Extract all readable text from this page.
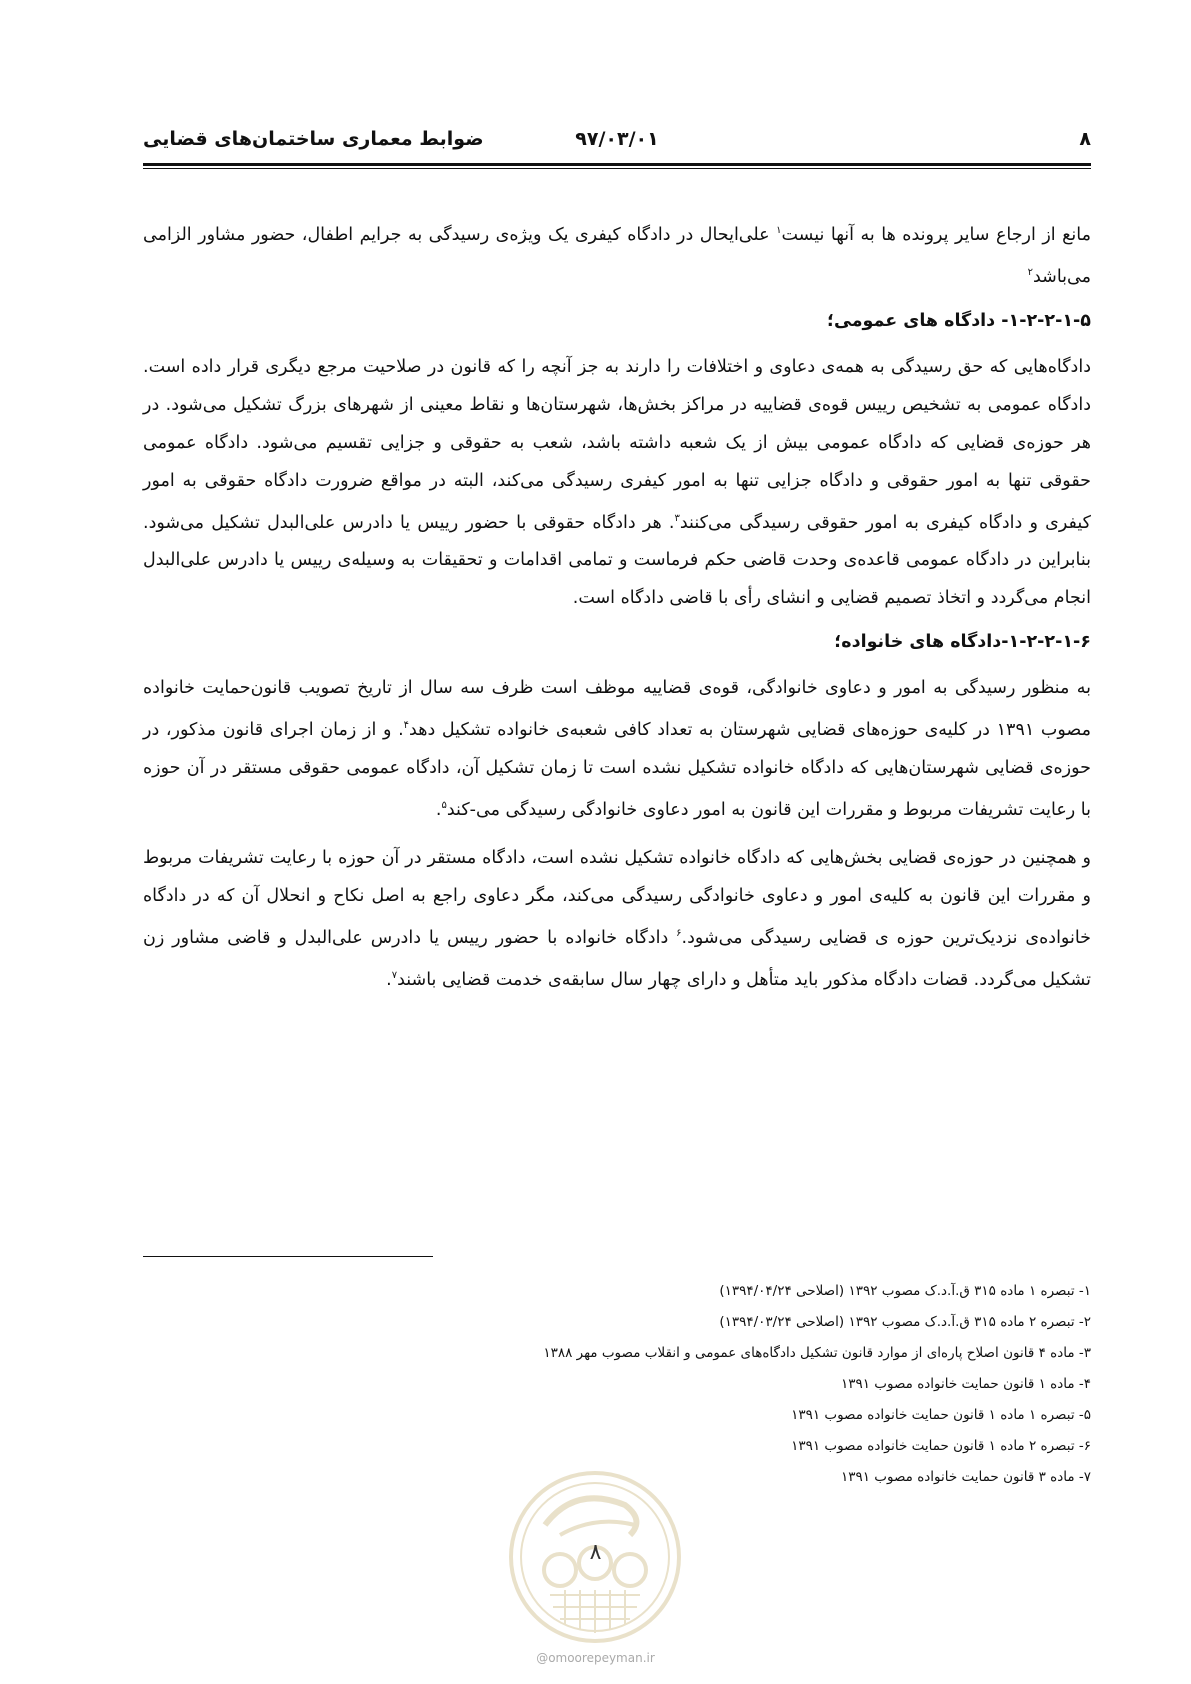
۸
۹۷/۰۳/۰۱
ضوابط معماری ساختمان‌های قضایی

مانع از ارجاع سایر پرونده ها به آنها نیست$^۱$ علی‌ایحال در دادگاه کیفری یک ویژه‌ی رسیدگی به جرایم اطفال، حضور مشاور الزامی می‌باشد$^۲$

۱-۲-۲-۱-۵- دادگاه های عمومی؛

دادگاه‌هایی که حق رسیدگی به همه‌ی دعاوی و اختلافات را دارند به جز آنچه را که قانون در صلاحیت مرجع دیگری قرار داده است. دادگاه عمومی به تشخیص رییس قوه‌ی قضاییه در مراکز بخش‌ها، شهرستان‌ها و نقاط معینی از شهرهای بزرگ تشکیل می‌شود. در هر حوزه‌ی قضایی که دادگاه عمومی بیش از یک شعبه داشته باشد، شعب به حقوقی و جزایی تقسیم می‌شود. دادگاه عمومی حقوقی تنها به امور حقوقی و دادگاه جزایی تنها به امور کیفری رسیدگی می‌کند، البته در مواقع ضرورت دادگاه حقوقی به امور کیفری و دادگاه کیفری به امور حقوقی رسیدگی می‌کنند$^۳$. هر دادگاه حقوقی با حضور رییس یا دادرس علی‌البدل تشکیل می‌شود. بنابراین در دادگاه عمومی قاعده‌ی وحدت قاضی حکم فرماست و تمامی اقدامات و تحقیقات به وسیله‌ی رییس یا دادرس علی‌البدل انجام می‌گردد و اتخاذ تصمیم قضایی و انشای رأی با قاضی دادگاه است.

۱-۲-۲-۱-۶-دادگاه های خانواده؛

به منظور رسیدگی به امور و دعاوی خانوادگی، قوه‌ی قضاییه موظف است ظرف سه سال از تاریخ تصویب قانون‌حمایت خانواده مصوب ۱۳۹۱ در کلیه‌ی حوزه‌های قضایی شهرستان به تعداد کافی شعبه‌ی خانواده تشکیل دهد$^۴$. و از زمان اجرای قانون مذکور، در حوزه‌ی قضایی شهرستان‌هایی که دادگاه خانواده تشکیل نشده است تا زمان تشکیل آن، دادگاه عمومی حقوقی مستقر در آن حوزه با رعایت تشریفات مربوط و مقررات این قانون به امور دعاوی خانوادگی رسیدگی می-کند$^۵$.

و همچنین در حوزه‌ی قضایی بخش‌هایی که دادگاه خانواده تشکیل نشده است، دادگاه مستقر در آن حوزه با رعایت تشریفات مربوط و مقررات این قانون به کلیه‌ی امور و دعاوی خانوادگی رسیدگی می‌کند، مگر دعاوی راجع به اصل نکاح و انحلال آن که در دادگاه خانواده‌ی نزدیک‌ترین حوزه ی قضایی رسیدگی می‌شود.$^۶$ دادگاه خانواده با حضور رییس یا دادرس علی‌البدل و قاضی مشاور زن تشکیل می‌گردد. قضات دادگاه مذکور باید متأهل و دارای چهار سال سابقه‌ی خدمت قضایی باشند$^۷$.

۱- تبصره ۱ ماده ۳۱۵ ق.آ.د.ک مصوب ۱۳۹۲ (اصلاحی ۱۳۹۴/۰۴/۲۴)
۲- تبصره ۲ ماده ۳۱۵ ق.آ.د.ک مصوب ۱۳۹۲ (اصلاحی ۱۳۹۴/۰۳/۲۴)
۳- ماده ۴ قانون اصلاح پاره‌ای از موارد قانون تشکیل دادگاه‌های عمومی و انقلاب مصوب مهر ۱۳۸۸
۴- ماده ۱ قانون حمایت خانواده مصوب ۱۳۹۱
۵- تبصره ۱ ماده ۱ قانون حمایت خانواده مصوب ۱۳۹۱
۶- تبصره ۲ ماده ۱ قانون حمایت خانواده مصوب ۱۳۹۱
۷- ماده ۳ قانون حمایت خانواده مصوب ۱۳۹۱
۸
@omoorepeyman.ir
